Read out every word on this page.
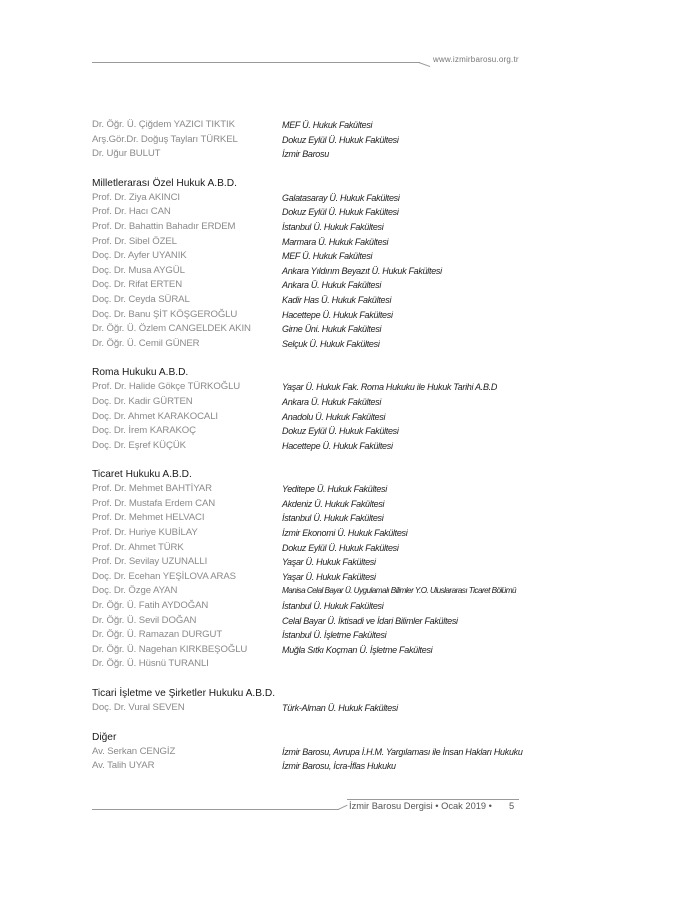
www.izmirbarosu.org.tr
Dr. Öğr. Ü. Çiğdem YAZICI TIKTIK	MEF Ü. Hukuk Fakültesi
Arş.Gör.Dr. Doğuş Tayları TÜRKEL	Dokuz Eylül Ü. Hukuk Fakültesi
Dr. Uğur BULUT	İzmir Barosu
Milletlerarası Özel Hukuk A.B.D.
Prof. Dr. Ziya AKINCI	Galatasaray Ü. Hukuk Fakültesi
Prof. Dr. Hacı CAN	Dokuz Eylül Ü. Hukuk Fakültesi
Prof. Dr. Bahattin Bahadır ERDEM	İstanbul Ü. Hukuk Fakültesi
Prof. Dr. Sibel ÖZEL	Marmara Ü. Hukuk Fakültesi
Doç. Dr. Ayfer UYANIK	MEF Ü. Hukuk Fakültesi
Doç. Dr. Musa AYGÜL	Ankara Yıldırım Beyazıt Ü. Hukuk Fakültesi
Doç. Dr. Rifat ERTEN	Ankara Ü. Hukuk Fakültesi
Doç. Dr. Ceyda SÜRAL	Kadir Has Ü. Hukuk Fakültesi
Doç. Dr. Banu ŞİT KÖŞGEROĞLU	Hacettepe Ü. Hukuk Fakültesi
Dr. Öğr. Ü. Özlem CANGELDEK AKIN	Girne Üni. Hukuk Fakültesi
Dr. Öğr. Ü. Cemil GÜNER	Selçuk Ü. Hukuk Fakültesi
Roma Hukuku A.B.D.
Prof. Dr. Halide Gökçe TÜRKOĞLU	Yaşar Ü. Hukuk Fak. Roma Hukuku ile Hukuk Tarihi A.B.D
Doç. Dr. Kadir GÜRTEN	Ankara Ü. Hukuk Fakültesi
Doç. Dr. Ahmet KARAKOCALI	Anadolu Ü. Hukuk Fakültesi
Doç. Dr. İrem KARAKOÇ	Dokuz Eylül Ü. Hukuk Fakültesi
Doç. Dr. Eşref KÜÇÜK	Hacettepe Ü. Hukuk Fakültesi
Ticaret Hukuku A.B.D.
Prof. Dr. Mehmet BAHTİYAR	Yeditepe Ü. Hukuk Fakültesi
Prof. Dr. Mustafa Erdem CAN	Akdeniz Ü. Hukuk Fakültesi
Prof. Dr. Mehmet HELVACI	İstanbul Ü. Hukuk Fakültesi
Prof. Dr. Huriye KUBİLAY	İzmir Ekonomi Ü. Hukuk Fakültesi
Prof. Dr. Ahmet TÜRK	Dokuz Eylül Ü. Hukuk Fakültesi
Prof. Dr. Sevilay UZUNALLI	Yaşar Ü. Hukuk Fakültesi
Doç. Dr. Ecehan YEŞİLOVA ARAS	Yaşar Ü. Hukuk Fakültesi
Doç. Dr. Özge AYAN	Manisa Celal Bayar Ü. Uygulamalı Bilimler Y.O. Uluslararası Ticaret Bölümü
Dr. Öğr. Ü. Fatih AYDOĞAN	İstanbul Ü. Hukuk Fakültesi
Dr. Öğr. Ü. Sevil DOĞAN	Celal Bayar Ü. İktisadi ve İdari Bilimler Fakültesi
Dr. Öğr. Ü. Ramazan DURGUT	İstanbul Ü. İşletme Fakültesi
Dr. Öğr. Ü. Nagehan KIRKBEŞOĞLU	Muğla Sıtkı Koçman Ü. İşletme Fakültesi
Dr. Öğr. Ü. Hüsnü TURANLI
Ticari İşletme ve Şirketler Hukuku A.B.D.
Doç. Dr. Vural SEVEN	Türk-Alman Ü. Hukuk Fakültesi
Diğer
Av. Serkan CENGİZ	İzmir Barosu, Avrupa İ.H.M. Yargılaması ile İnsan Hakları Hukuku
Av. Talih UYAR	İzmir Barosu, İcra-İflas Hukuku
İzmir Barosu Dergisi • Ocak 2019 • 5
